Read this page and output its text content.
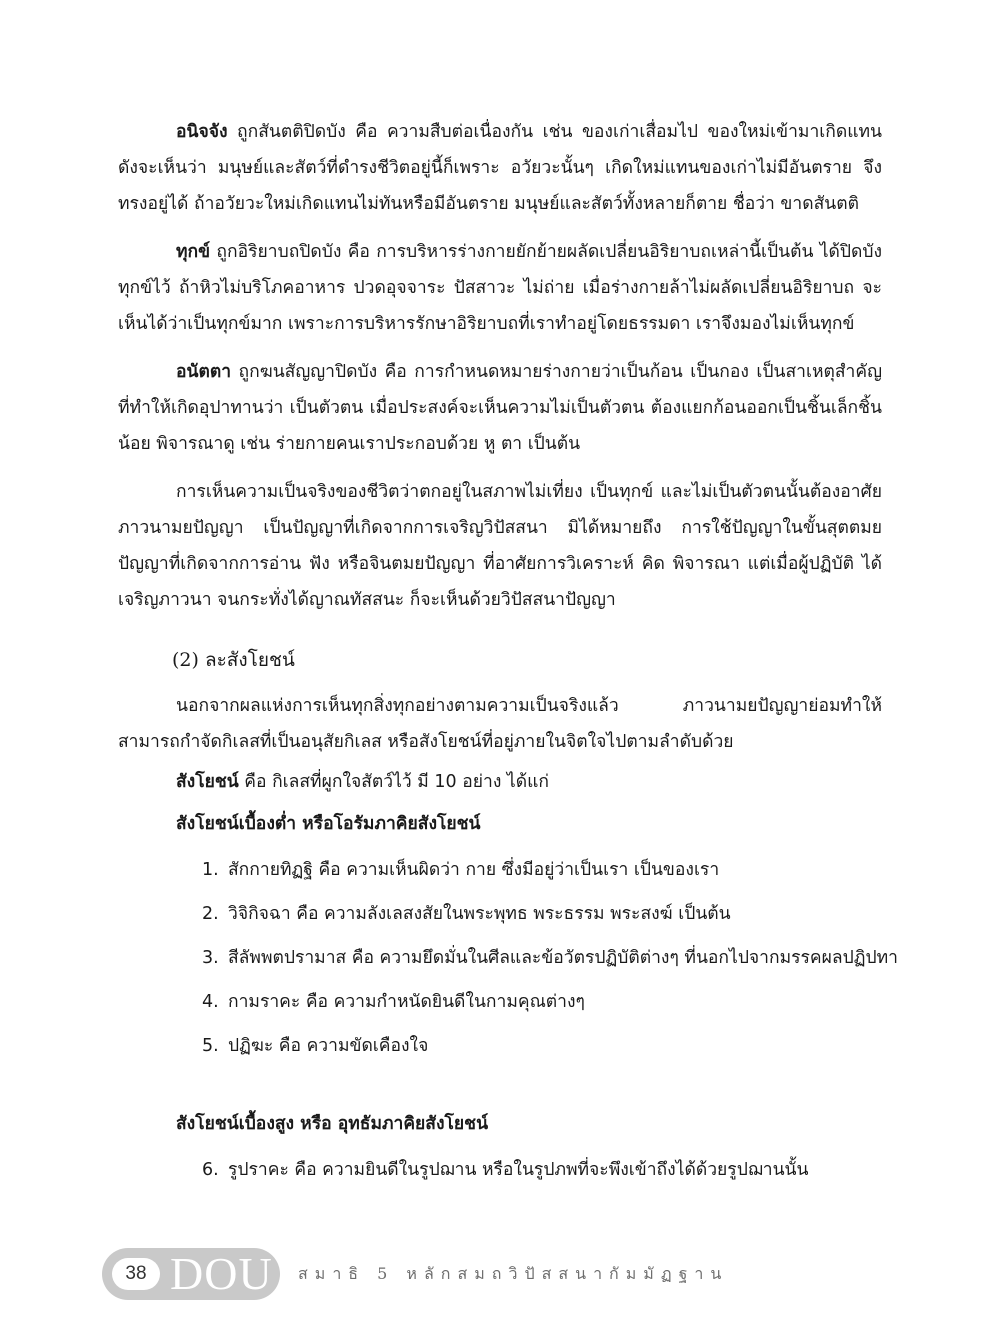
อนิจจัง ถูกสันตติปิดบัง คือ ความสืบต่อเนื่องกัน เช่น ของเก่าเสื่อมไป ของใหม่เข้ามาเกิดแทน ดังจะเห็นว่า มนุษย์และสัตว์ที่ดำรงชีวิตอยู่นี้ก็เพราะ อวัยวะนั้นๆ เกิดใหม่แทนของเก่าไม่มีอันตราย จึงทรงอยู่ได้ ถ้าอวัยวะใหม่เกิดแทนไม่ทันหรือมีอันตราย มนุษย์และสัตว์ทั้งหลายก็ตาย ชื่อว่า ขาดสันตติ

ทุกข์ ถูกอิริยาบถปิดบัง คือ การบริหารร่างกายยักย้ายผลัดเปลี่ยนอิริยาบถเหล่านี้เป็นต้น ได้ปิดบังทุกข์ไว้ ถ้าหิวไม่บริโภคอาหาร ปวดอุจจาระ ปัสสาวะ ไม่ถ่าย เมื่อร่างกายล้าไม่ผลัดเปลี่ยนอิริยาบถ จะเห็นได้ว่าเป็นทุกข์มาก เพราะการบริหารรักษาอิริยาบถที่เราทำอยู่โดยธรรมดา เราจึงมองไม่เห็นทุกข์

อนัตตา ถูกฆนสัญญาปิดบัง คือ การกำหนดหมายร่างกายว่าเป็นก้อน เป็นกอง เป็นสาเหตุสำคัญที่ทำให้เกิดอุปาทานว่า เป็นตัวตน เมื่อประสงค์จะเห็นความไม่เป็นตัวตน ต้องแยกก้อนออกเป็นชิ้นเล็กชิ้นน้อย พิจารณาดู เช่น ร่ายกายคนเราประกอบด้วย หู ตา เป็นต้น

การเห็นความเป็นจริงของชีวิตว่าตกอยู่ในสภาพไม่เที่ยง เป็นทุกข์ และไม่เป็นตัวตนนั้นต้องอาศัยภาวนามยปัญญา เป็นปัญญาที่เกิดจากการเจริญวิปัสสนา มิได้หมายถึง การใช้ปัญญาในขั้นสุตตมยปัญญาที่เกิดจากการอ่าน ฟัง หรือจินตมยปัญญา ที่อาศัยการวิเคราะห์ คิด พิจารณา แต่เมื่อผู้ปฏิบัติ ได้เจริญภาวนา จนกระทั่งได้ญาณทัสสนะ ก็จะเห็นด้วยวิปัสสนาปัญญา

(2) ละสังโยชน์

นอกจากผลแห่งการเห็นทุกสิ่งทุกอย่างตามความเป็นจริงแล้ว ภาวนามยปัญญาย่อมทำให้สามารถกำจัดกิเลสที่เป็นอนุสัยกิเลส หรือสังโยชน์ที่อยู่ภายในจิตใจไปตามลำดับด้วย

สังโยชน์ คือ กิเลสที่ผูกใจสัตว์ไว้ มี 10 อย่าง ได้แก่
สังโยชน์เบื้องต่ำ หรือโอรัมภาคิยสังโยชน์
1. สักกายทิฏฐิ คือ ความเห็นผิดว่า กาย ซึ่งมีอยู่ว่าเป็นเรา เป็นของเรา
2. วิจิกิจฉา คือ ความลังเลสงสัยในพระพุทธ พระธรรม พระสงฆ์ เป็นต้น
3. สีลัพพตปรามาส คือ ความยึดมั่นในศีลและข้อวัตรปฏิบัติต่างๆ ที่นอกไปจากมรรคผลปฏิปทา
4. กามราคะ คือ ความกำหนัดยินดีในกามคุณต่างๆ
5. ปฏิฆะ คือ ความขัดเคืองใจ
สังโยชน์เบื้องสูง หรือ อุทธัมภาคิยสังโยชน์
6. รูปราคะ คือ ความยินดีในรูปฌาน หรือในรูปภพที่จะพึงเข้าถึงได้ด้วยรูปฌานนั้น
38 DOU สมาธิ 5 หลักสมถวิปัสสนากัมมัฏฐาน
